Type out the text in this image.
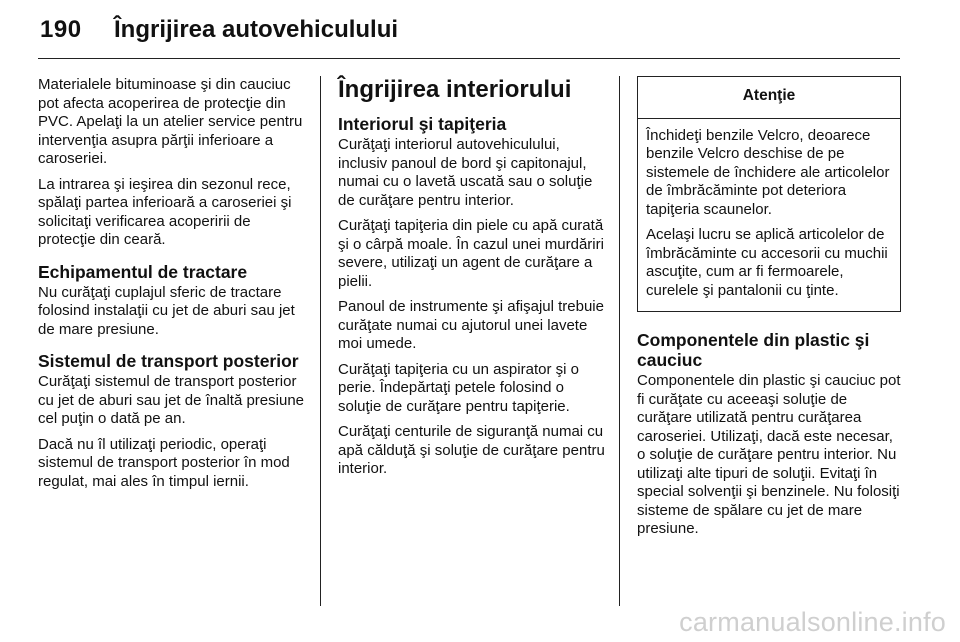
190 Îngrijirea autovehiculului

Materialele bituminoase şi din cauciuc pot afecta acoperirea de protecţie din PVC. Apelaţi la un atelier service pentru intervenţia asupra părţii inferioare a caroseriei.

La intrarea şi ieşirea din sezonul rece, spălaţi partea inferioară a caroseriei şi solicitaţi verificarea acoperirii de protecţie din ceară.

Echipamentul de tractare

Nu curăţaţi cuplajul sferic de tractare folosind instalaţii cu jet de aburi sau jet de mare presiune.

Sistemul de transport posterior

Curăţaţi sistemul de transport posterior cu jet de aburi sau jet de înaltă presiune cel puţin o dată pe an.

Dacă nu îl utilizaţi periodic, operaţi sistemul de transport posterior în mod regulat, mai ales în timpul iernii.

Îngrijirea interiorului
Interiorul şi tapiţeria

Curăţaţi interiorul autovehiculului, inclusiv panoul de bord şi capitonajul, numai cu o lavetă uscată sau o soluţie de curăţare pentru interior.

Curăţaţi tapiţeria din piele cu apă curată şi o cârpă moale. În cazul unei murdăriri severe, utilizaţi un agent de curăţare a pielii.

Panoul de instrumente şi afişajul trebuie curăţate numai cu ajutorul unei lavete moi umede.

Curăţaţi tapiţeria cu un aspirator şi o perie. Îndepărtaţi petele folosind o soluţie de curăţare pentru tapiţerie.

Curăţaţi centurile de siguranţă numai cu apă călduţă şi soluţie de curăţare pentru interior.

Atenţie

Închideţi benzile Velcro, deoarece benzile Velcro deschise de pe sistemele de închidere ale articolelor de îmbrăcăminte pot deteriora tapiţeria scaunelor.

Acelaşi lucru se aplică articolelor de îmbrăcăminte cu accesorii cu muchii ascuţite, cum ar fi fermoarele, curelele şi pantalonii cu ţinte.

Componentele din plastic şi cauciuc

Componentele din plastic şi cauciuc pot fi curăţate cu aceeaşi soluţie de curăţare utilizată pentru curăţarea caroseriei. Utilizaţi, dacă este necesar, o soluţie de curăţare pentru interior. Nu utilizaţi alte tipuri de soluţii. Evitaţi în special solvenţii şi benzinele. Nu folosiţi sisteme de spălare cu jet de mare presiune.

carmanualsonline.info
